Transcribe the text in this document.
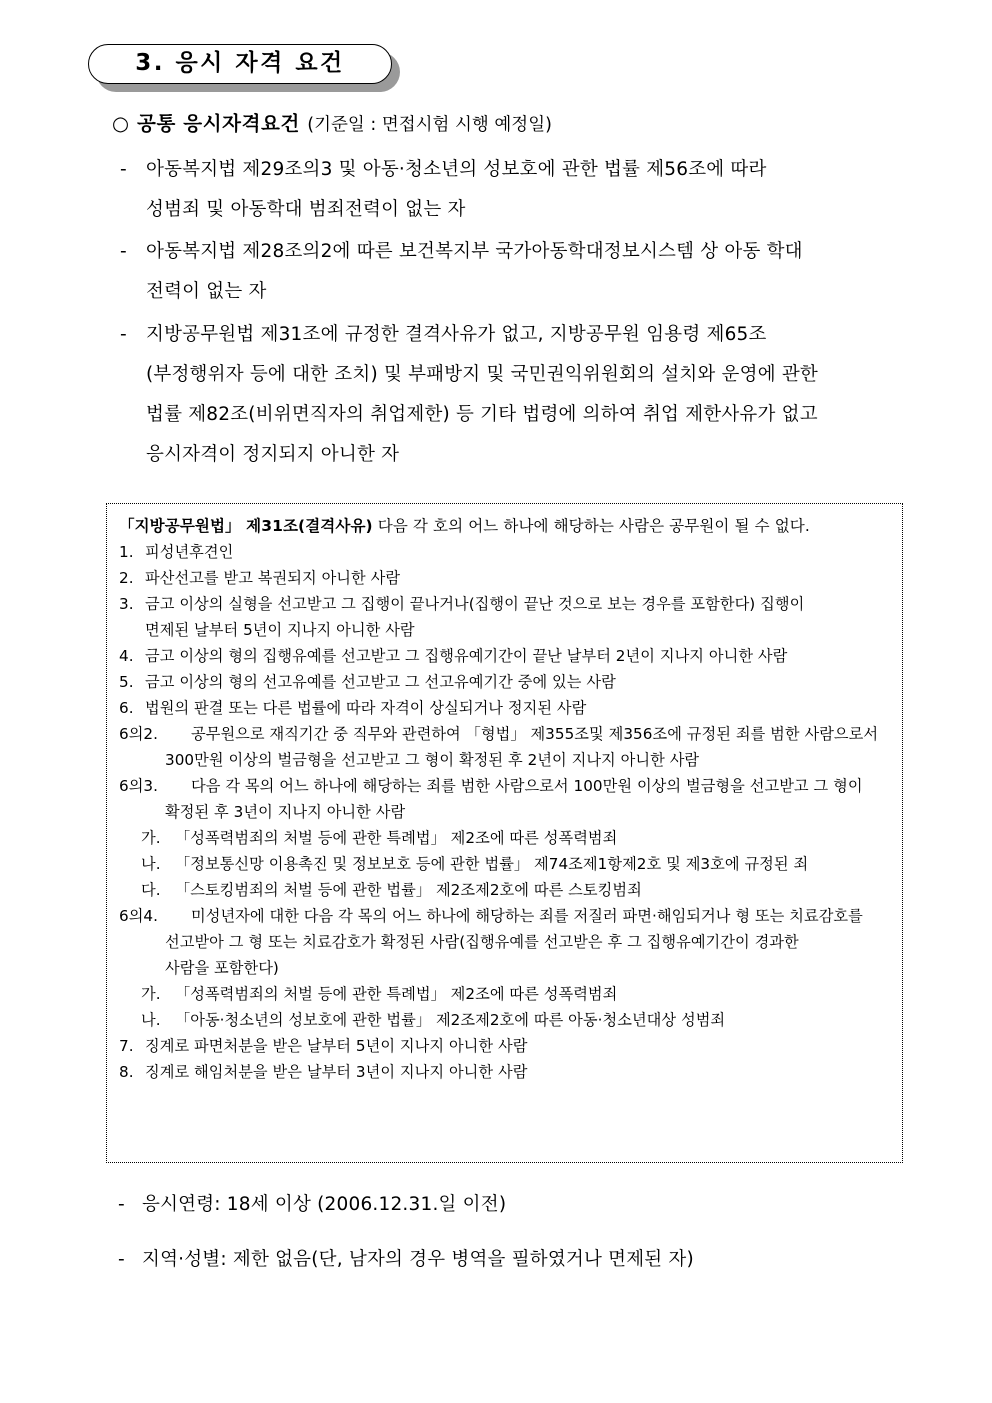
3. 응시 자격 요건
○ 공통 응시자격요건 (기준일 : 면접시험 시행 예정일)
-	아동복지법 제29조의3 및 아동·청소년의 성보호에 관한 법률 제56조에 따라
성범죄 및 아동학대 범죄전력이 없는 자
-	아동복지법 제28조의2에 따른 보건복지부 국가아동학대정보시스템 상 아동 학대
전력이 없는 자
-	지방공무원법 제31조에 규정한 결격사유가 없고, 지방공무원 임용령 제65조
(부정행위자 등에 대한 조치) 및 부패방지 및 국민권익위원회의 설치와 운영에 관한
법률 제82조(비위면직자의 취업제한) 등 기타 법령에 의하여 취업 제한사유가 없고
응시자격이 정지되지 아니한 자
「지방공무원법」 제31조(결격사유) 다음 각 호의 어느 하나에 해당하는 사람은 공무원이 될 수 없다.
1. 피성년후견인
2. 파산선고를 받고 복권되지 아니한 사람
3. 금고 이상의 실형을 선고받고 그 집행이 끝나거나(집행이 끝난 것으로 보는 경우를 포함한다) 집행이
면제된 날부터 5년이 지나지 아니한 사람
4. 금고 이상의 형의 집행유예를 선고받고 그 집행유예기간이 끝난 날부터 2년이 지나지 아니한 사람
5. 금고 이상의 형의 선고유예를 선고받고 그 선고유예기간 중에 있는 사람
6. 법원의 판결 또는 다른 법률에 따라 자격이 상실되거나 정지된 사람
6의2.	공무원으로 재직기간 중 직무와 관련하여 「형법」 제355조및 제356조에 규정된 죄를 범한 사람으로서
300만원 이상의 벌금형을 선고받고 그 형이 확정된 후 2년이 지나지 아니한 사람
6의3.	다음 각 목의 어느 하나에 해당하는 죄를 범한 사람으로서 100만원 이상의 벌금형을 선고받고 그 형이
확정된 후 3년이 지나지 아니한 사람
가. 「성폭력범죄의 처벌 등에 관한 특례법」 제2조에 따른 성폭력범죄
나. 「정보통신망 이용촉진 및 정보보호 등에 관한 법률」 제74조제1항제2호 및 제3호에 규정된 죄
다. 「스토킹범죄의 처벌 등에 관한 법률」 제2조제2호에 따른 스토킹범죄
6의4.	미성년자에 대한 다음 각 목의 어느 하나에 해당하는 죄를 저질러 파면·해임되거나 형 또는 치료감호를
선고받아 그 형 또는 치료감호가 확정된 사람(집행유예를 선고받은 후 그 집행유예기간이 경과한
사람을 포함한다)
가. 「성폭력범죄의 처벌 등에 관한 특례법」 제2조에 따른 성폭력범죄
나. 「아동·청소년의 성보호에 관한 법률」 제2조제2호에 따른 아동·청소년대상 성범죄
7. 징계로 파면처분을 받은 날부터 5년이 지나지 아니한 사람
8. 징계로 해임처분을 받은 날부터 3년이 지나지 아니한 사람
- 응시연령: 18세 이상 (2006.12.31.일 이전)
- 지역·성별: 제한 없음(단, 남자의 경우 병역을 필하였거나 면제된 자)
